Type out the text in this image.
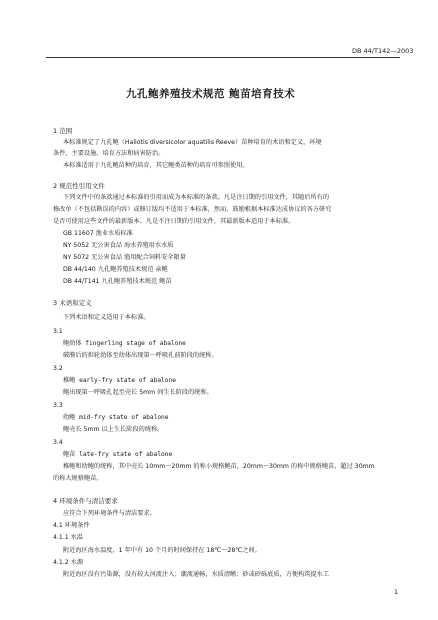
DB 44/T142—2003
九孔鲍养殖技术规范 鲍苗培育技术
1 范围
本标准规定了九孔鲍（Haliotis diversicolor aquatilis Reeve）苗种培育的术语和定义、环境
条件、主要设施、培育方法和病害防治。
本标准适用于九孔鲍苗种的培育，其它鲍类苗种的培育可参照使用。
2 规范性引用文件
下列文件中的条款通过本标准的引用而成为本标准的条款。凡是注日期的引用文件，其随后所有的
修改单（不包括勘误的内容）或修订版均不适用于本标准，然而，鼓励根据本标准达成协议的各方研究
是否可使用这些文件的最新版本。凡是不注日期的引用文件，其最新版本适用于本标准。
GB 11607 渔业水质标准
NY 5052 无公害食品 海水养殖用水水质
NY 5072 无公害食品 渔用配合饲料安全限量
DB 44/140 九孔鲍养殖技术规范 亲鲍
DB 44/T141 九孔鲍养殖技术规范 鲍苗
3 术语和定义
下列术语和定义适用于本标准。
3.1
鲍幼体 fingerling stage of abalone
破膜后的担轮幼体至幼体出现第一呼吸孔前阶段的统称。
3.2
稚鲍 early-fry state of abalone
鲍出现第一呼吸孔起至壳长 5mm 间生长阶段的统称。
3.3
幼鲍 mid-fry state of abalone
鲍壳长 5mm 以上生长阶段的统称。
3.4
鲍苗 late-fry state of abalone
稚鲍和幼鲍的统称，其中壳长 10mm～20mm 的称小规格鲍苗，20mm～30mm 的称中规格鲍苗，超过 30mm
的称大规格鲍苗。
4 环境条件与清洁要求
应符合下列环境条件与清洁要求。
4.1 环境条件
4.1.1 水温
附近海区海水温度，1 年中有 10 个月的时间保持在 18℃～28℃之间。
4.1.2 水源
附近海区没有污染源，没有较大河流注入；潮流通畅，水质清晰；砂或砂砾底质，方便构筑提水工
1
